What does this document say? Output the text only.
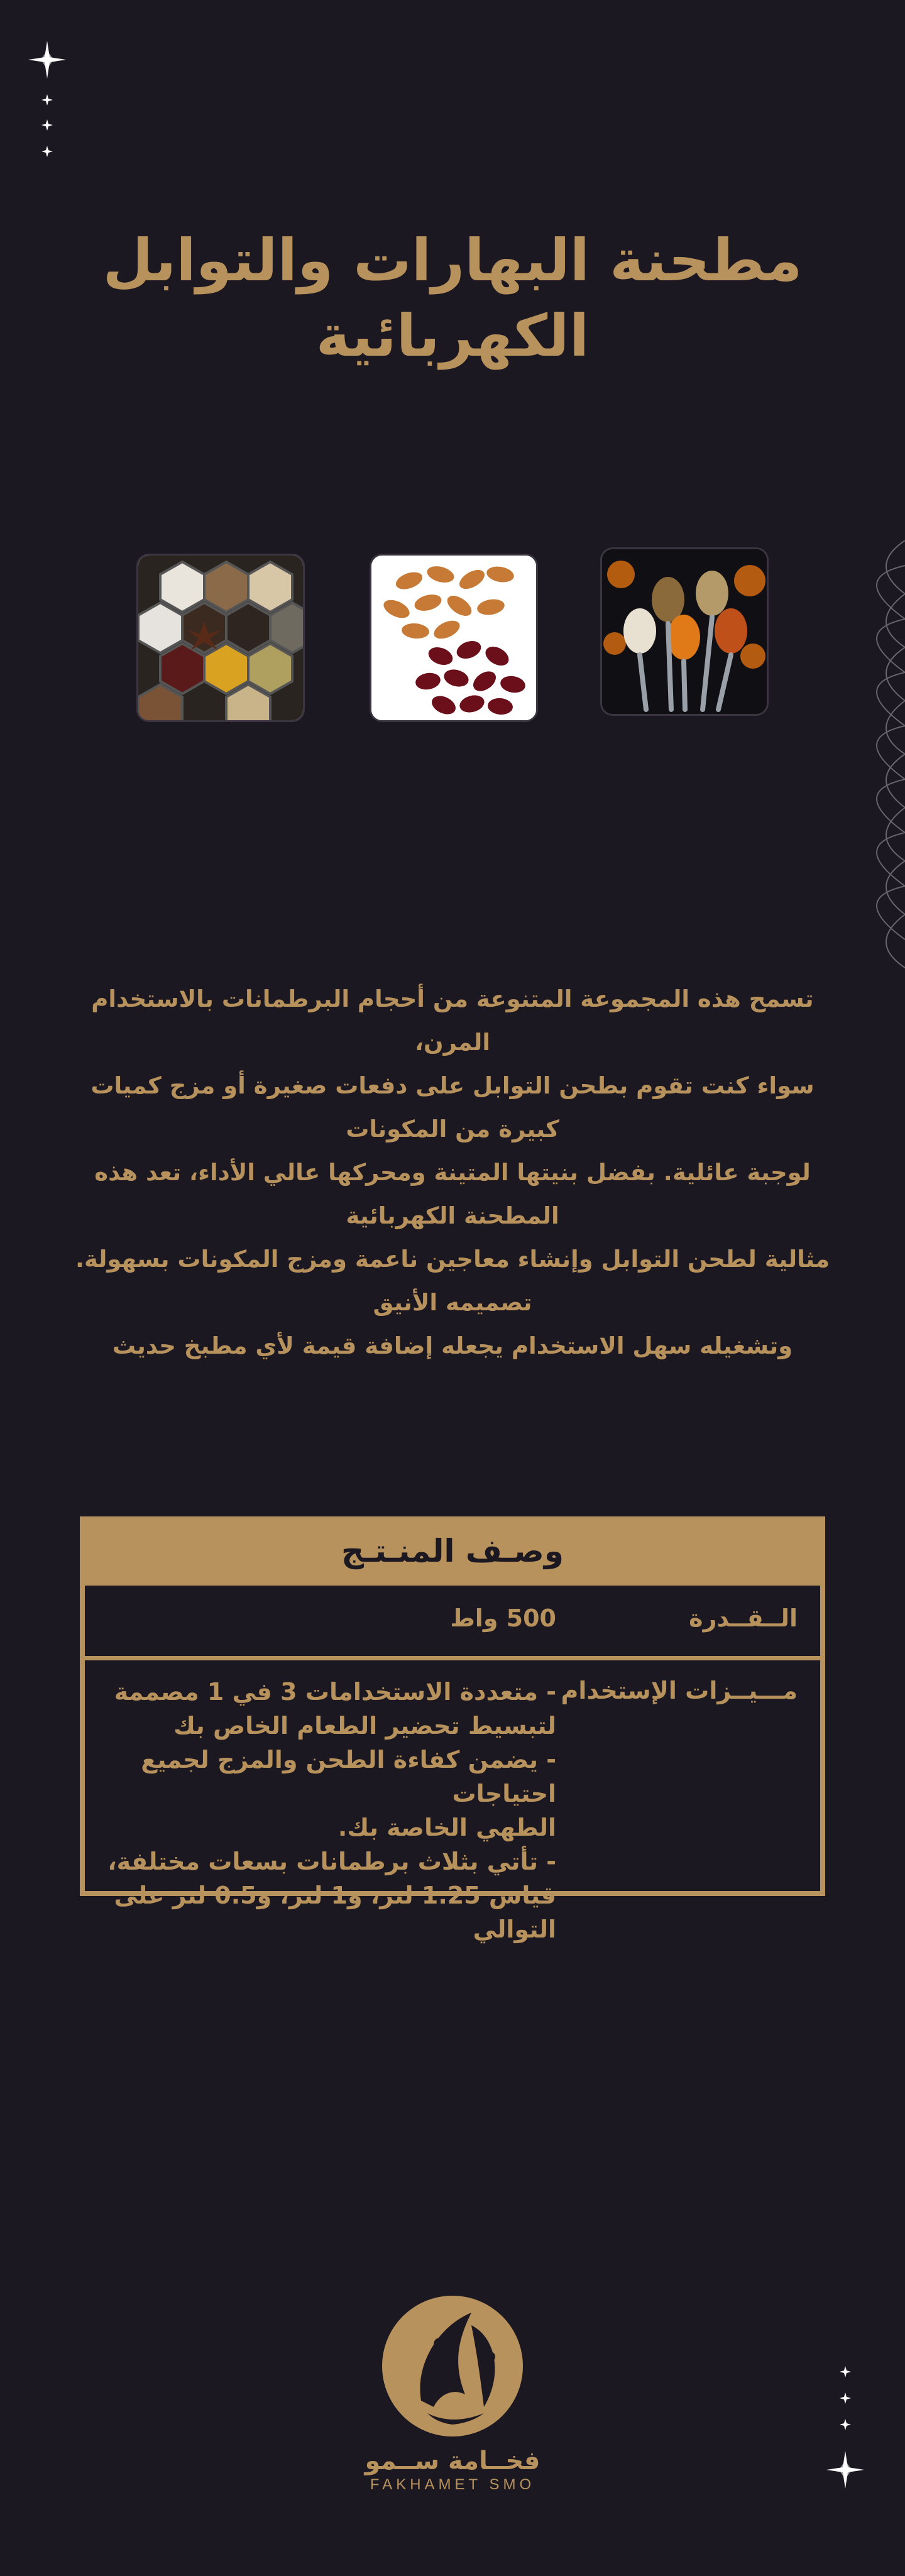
مطحنة البهارات والتوابل الكهربائية
تسمح هذه المجموعة المتنوعة من أحجام البرطمانات بالاستخدام المرن،
سواء كنت تقوم بطحن التوابل على دفعات صغيرة أو مزج كميات كبيرة من المكونات
لوجبة عائلية. بفضل بنيتها المتينة ومحركها عالي الأداء، تعد هذه المطحنة الكهربائية
مثالية لطحن التوابل وإنشاء معاجين ناعمة ومزج المكونات بسهولة. تصميمه الأنيق
وتشغيله سهل الاستخدام يجعله إضافة قيمة لأي مطبخ حديث
وصـف المنـتـج
الــقــدرة
500 واط
مـــيــزات الإستخدام

- متعددة الاستخدامات 3 في 1 مصممة

لتبسيط تحضير الطعام الخاص بك

- يضمن كفاءة الطحن والمزج لجميع احتياجات

الطهي الخاصة بك.

- تأتي بثلاث برطمانات بسعات مختلفة،

قياس 1.25 لتر، و1 لتر، و0.5 لتر على التوالي

فخــامة ســمو
FAKHAMET SMO
